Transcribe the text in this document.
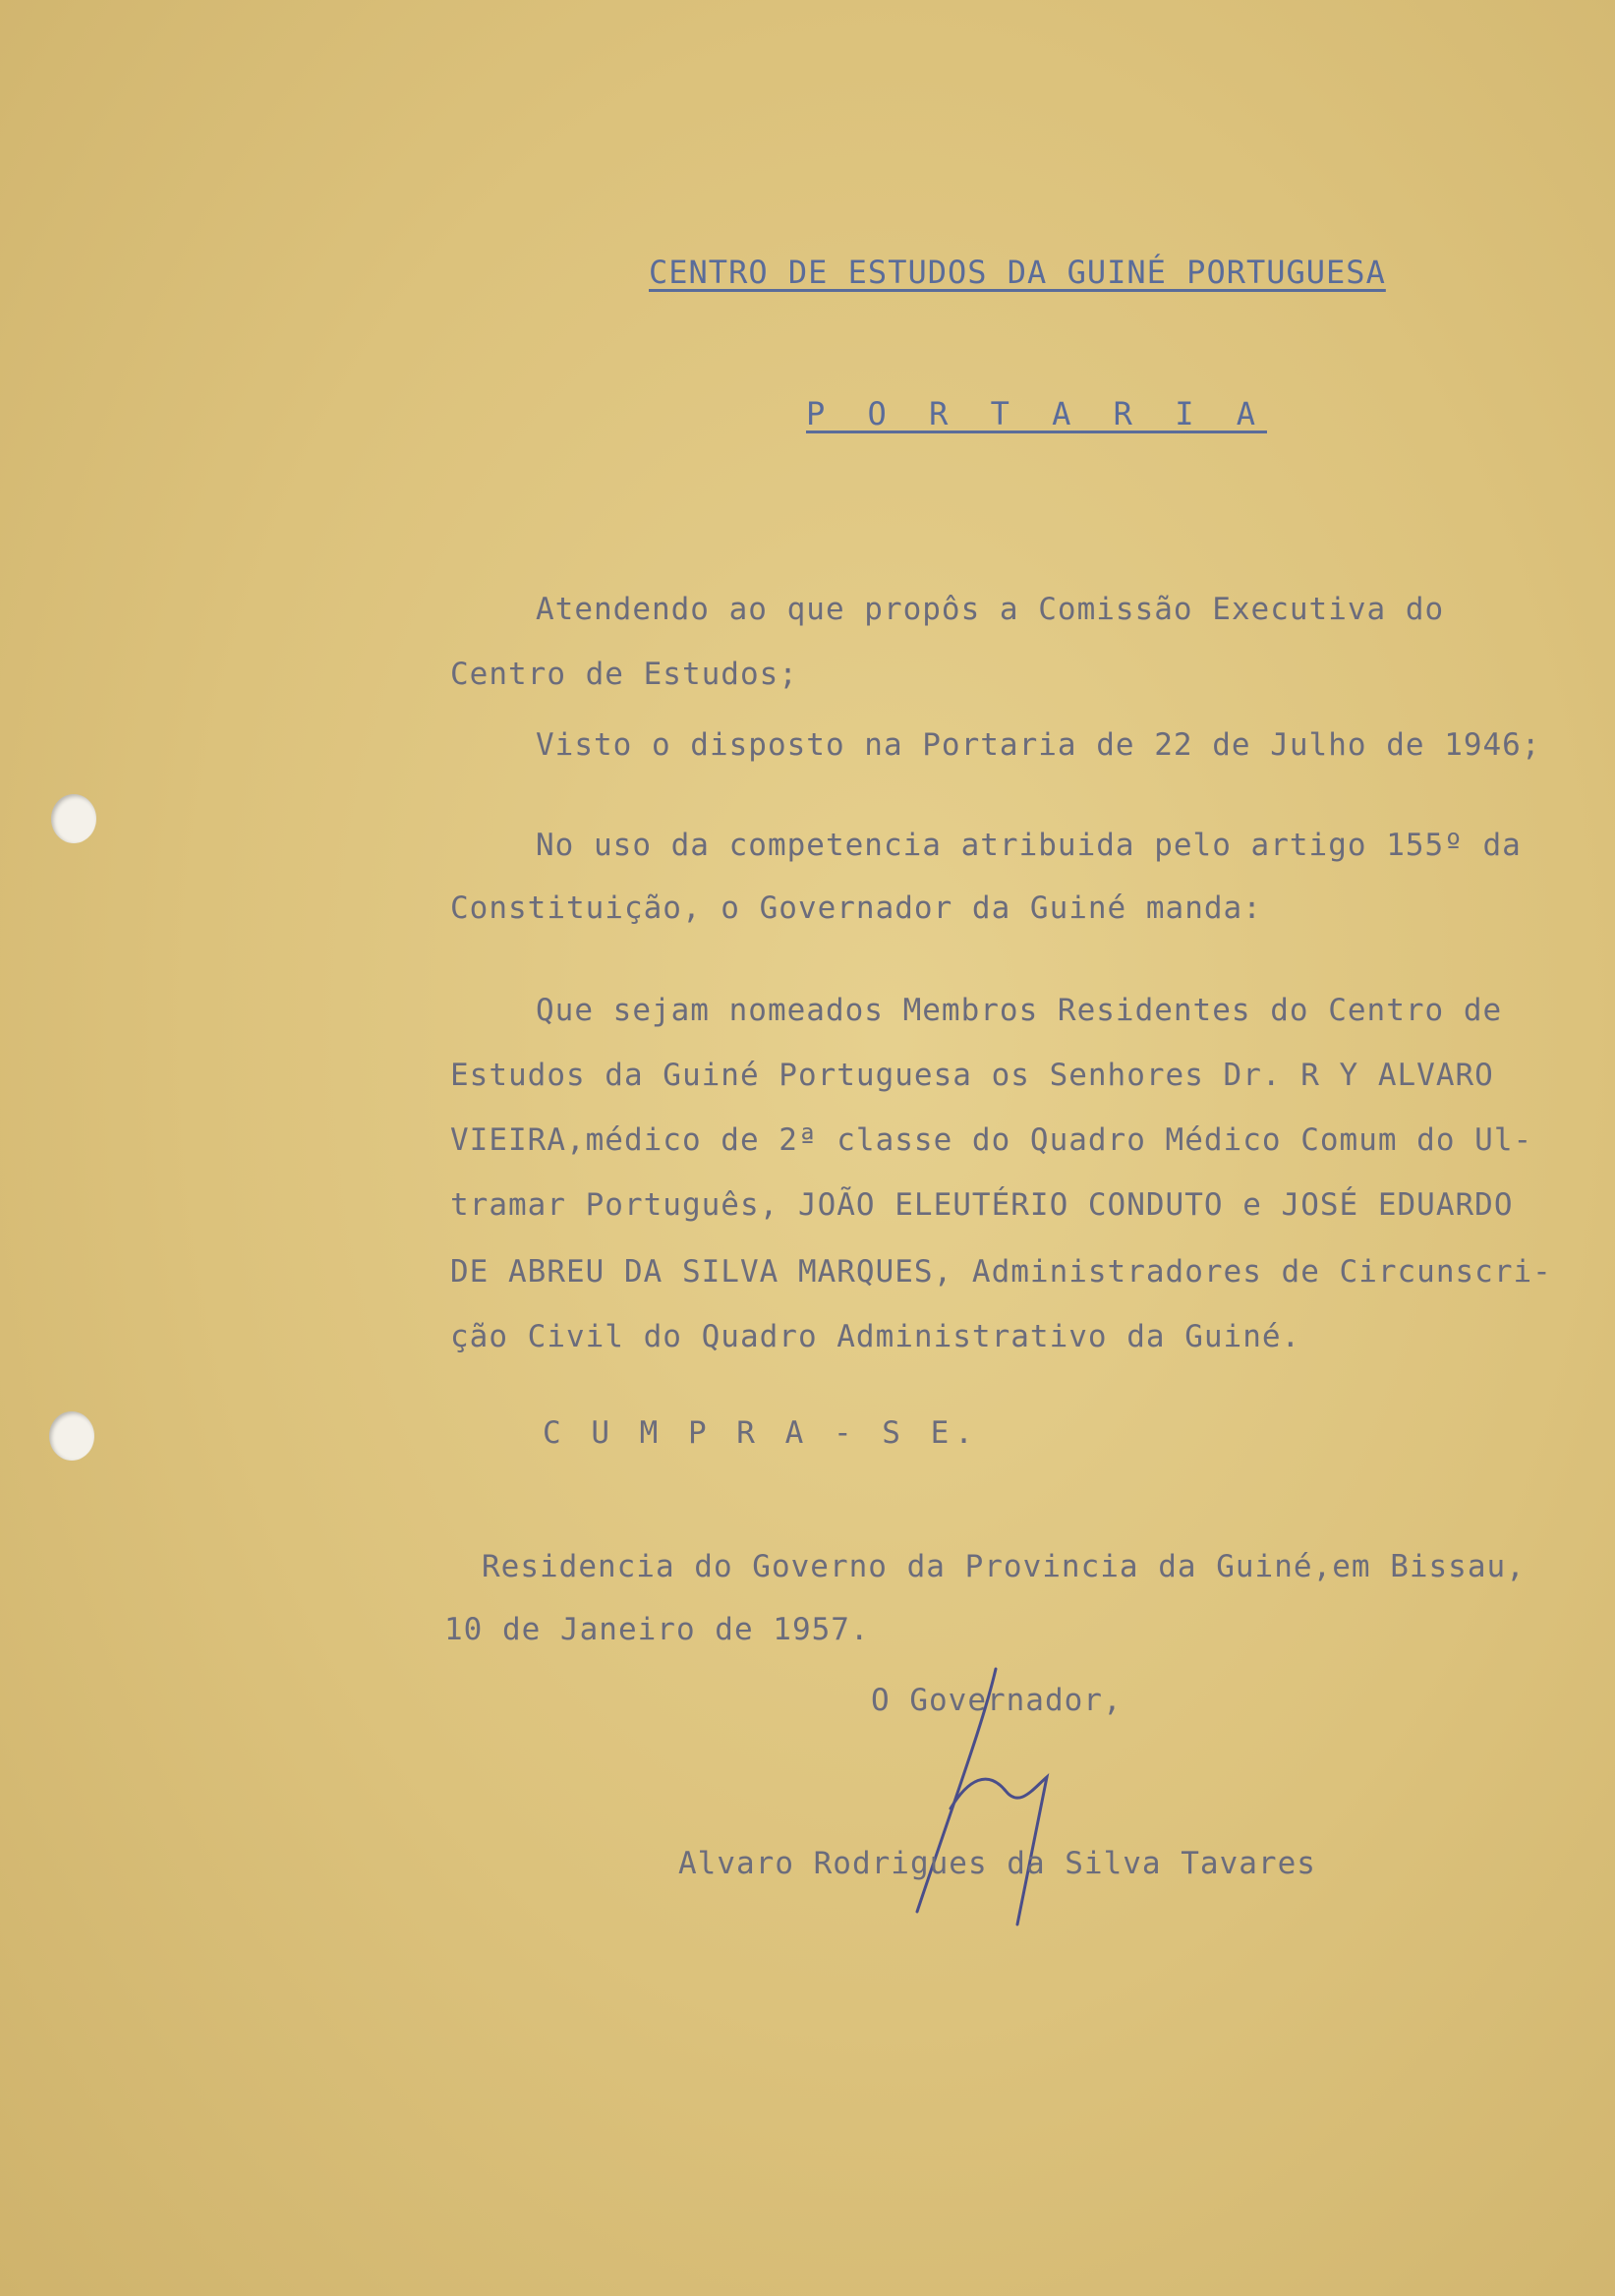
CENTRO DE ESTUDOS DA GUINÉ PORTUGUESA
P O R T A R I A
Atendendo ao que propôs a Comissão Executiva do
Centro de Estudos;
Visto o disposto na Portaria de 22 de Julho de 1946;
No uso da competencia atribuida pelo artigo 155º da
Constituição, o Governador da Guiné manda:
Que sejam nomeados Membros Residentes do Centro de
Estudos da Guiné Portuguesa os Senhores Dr. R Y ALVARO
VIEIRA,médico de 2ª classe do Quadro Médico Comum do Ul-
tramar Português, JOÃO ELEUTÉRIO CONDUTO e JOSÉ EDUARDO
DE ABREU DA SILVA MARQUES, Administradores de Circunscri-
ção Civil do Quadro Administrativo da Guiné.
C U M P R A - S E.
Residencia do Governo da Provincia da Guiné,em Bissau,
10 de Janeiro de 1957.
O Governador,
Alvaro Rodrigues da Silva Tavares
